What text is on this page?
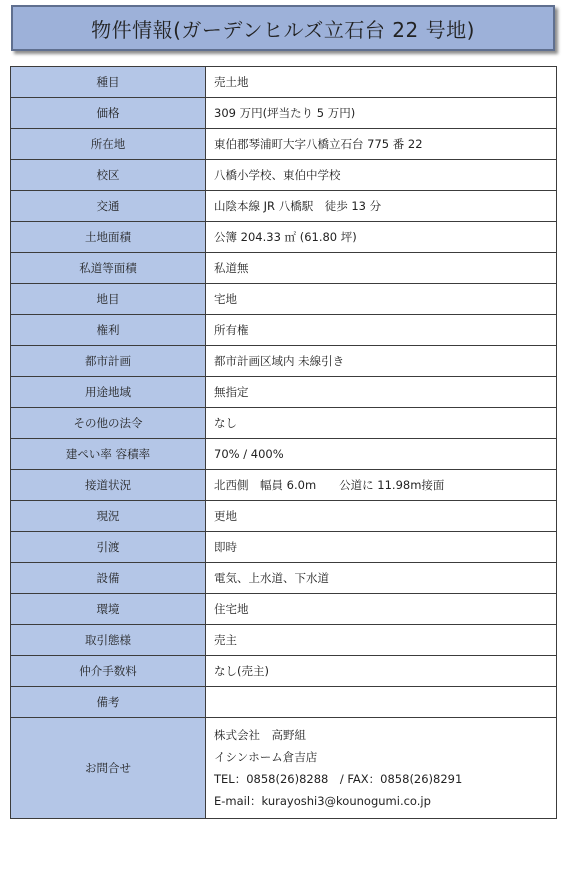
物件情報(ガーデンヒルズ立石台 22 号地)
種目	売土地
価格	309 万円(坪当たり 5 万円)
所在地	東伯郡琴浦町大字八橋立石台 775 番 22
校区	八橋小学校、東伯中学校
交通	山陰本線 JR 八橋駅　徒歩 13 分
土地面積	公簿 204.33 ㎡ (61.80 坪)
私道等面積	私道無
地目	宅地
権利	所有権
都市計画	都市計画区域内 未線引き
用途地域	無指定
その他の法令	なし
建ぺい率 容積率	70% / 400%
接道状況	北西側　幅員 6.0m　　公道に 11.98m接面
現況	更地
引渡	即時
設備	電気、上水道、下水道
環境	住宅地
取引態様	売主
仲介手数料	なし(売主)
備考	
お問合せ	株式会社　高野組
イシンホーム倉吉店
TEL：0858(26)8288　/ FAX：0858(26)8291
E-mail：kurayoshi3@kounogumi.co.jp
